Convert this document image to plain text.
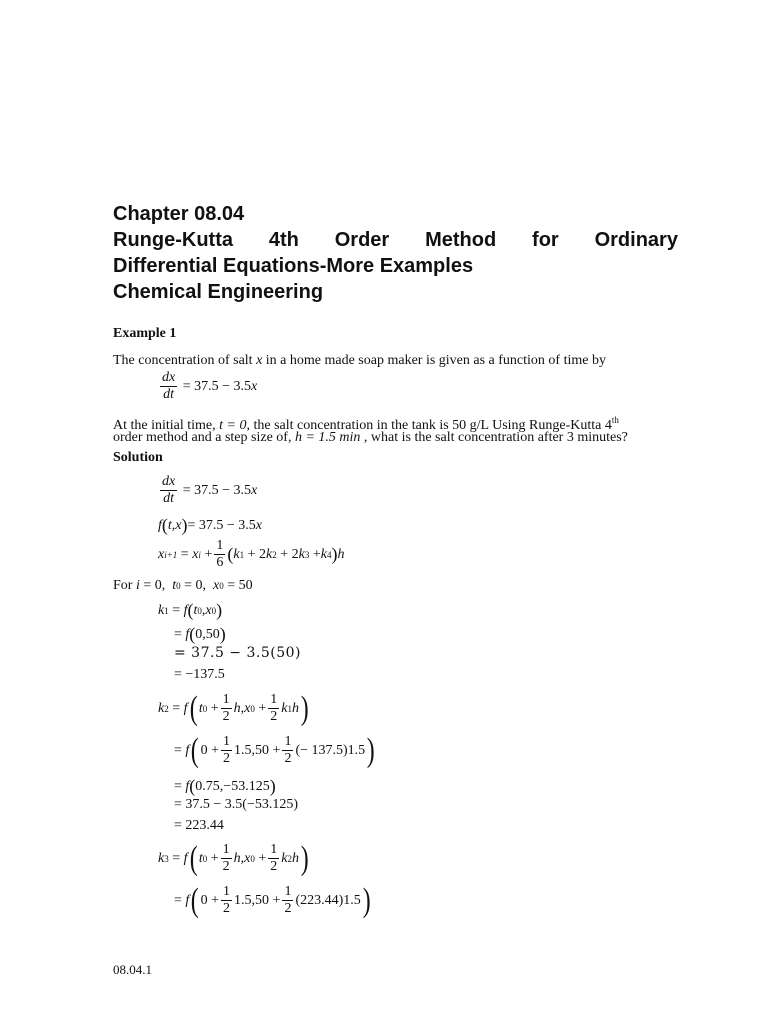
Chapter 08.04
Runge-Kutta 4th Order Method for Ordinary
Differential Equations-More Examples
Chemical Engineering
Example 1
The concentration of salt x in a home made soap maker is given as a function of time by
$\frac{dx}{dt}$
= 37.5 − 3.5 x
At the initial time, t = 0, the salt concentration in the tank is 50 g/L Using Runge-Kutta 4th
order method and a step size of, h = 1.5 min , what is the salt concentration after 3 minutes?
Solution
$\frac{dx}{dt}$
= 37.5 − 3.5 x
f ( t , x ) = 37.5 − 3.5 x
x i+1 = x $i + \frac{1}{6}$ ( k 1 + 2 k 2 + 2 k 3 + k 4 ) h
For
i = 0, t 0 = 0, x 0 = 50
k 1 = f ( t 0 , x 0 )
= f ( 0,50 )
= 37.5 − 3.5(50)
= −137.5
k 2 = f ( t $0 + \frac{1}{2}$ h , x $0 + \frac{1}{2}$ k 1 h )
= f ( $0 + \frac{1}{2} 1.5,50 + \frac{1}{2}$ (− 137.5)1.5 )
= f ( 0.75,−53.125 )
= 37.5 − 3.5(−53.125)
= 223.44
k 3 = f ( t $0 + \frac{1}{2}$ h , x $0 + \frac{1}{2}$ k 2 h )
= f ( $0 + \frac{1}{2} 1.5,50 + \frac{1}{2} (223.44)1.5$ )
08.04.1
